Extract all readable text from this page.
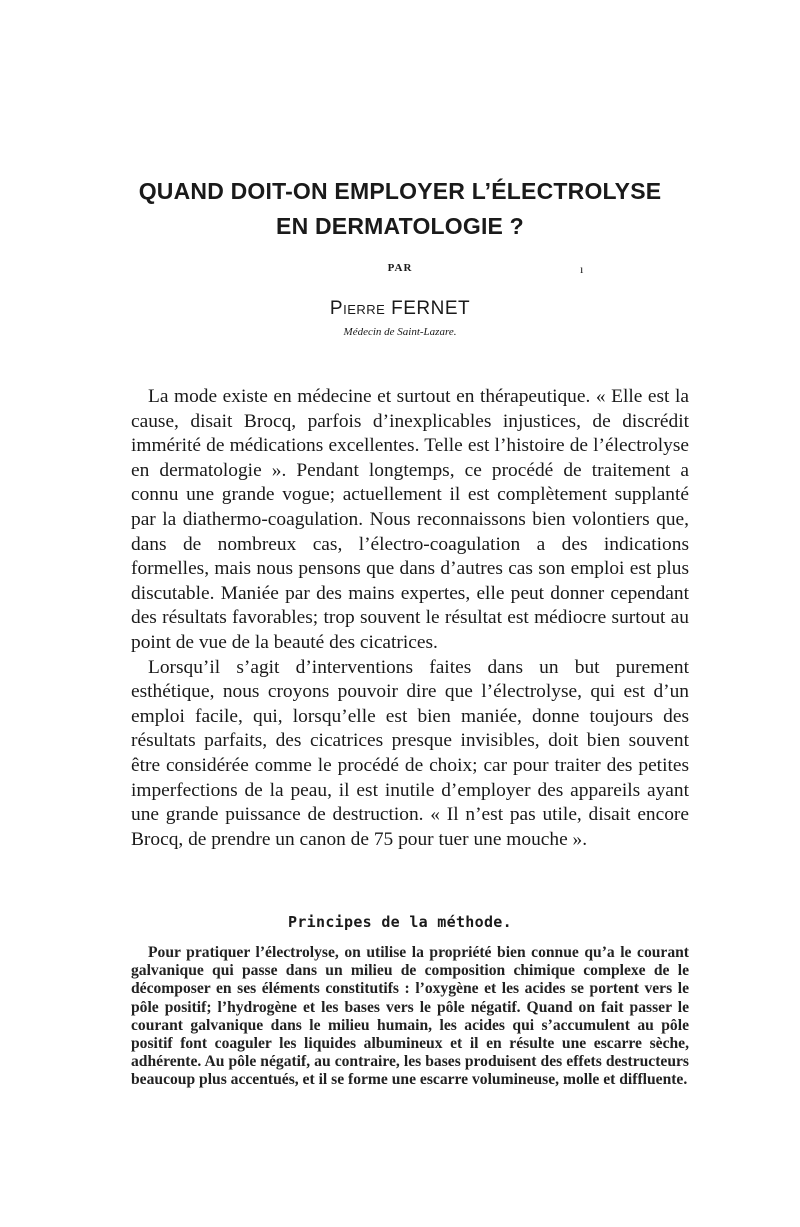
QUAND DOIT-ON EMPLOYER L’ÉLECTROLYSE
EN DERMATOLOGIE ?
PAR	ı
Pierre FERNET
Médecin de Saint-Lazare.

La mode existe en médecine et surtout en thérapeutique. « Elle est la cause, disait Brocq, parfois d’inexplicables injustices, de discrédit immérité de médications excellentes. Telle est l’histoire de l’électrolyse en dermatologie ». Pendant longtemps, ce procédé de traitement a connu une grande vogue; actuellement il est complètement supplanté par la diathermo-coagulation. Nous reconnaissons bien volontiers que, dans de nombreux cas, l’électro-coagulation a des indications formelles, mais nous pensons que dans d’autres cas son emploi est plus discutable. Maniée par des mains expertes, elle peut donner cependant des résultats favorables; trop souvent le résultat est médiocre surtout au point de vue de la beauté des cicatrices.

Lorsqu’il s’agit d’interventions faites dans un but purement esthétique, nous croyons pouvoir dire que l’électrolyse, qui est d’un emploi facile, qui, lorsqu’elle est bien maniée, donne toujours des résultats parfaits, des cicatrices presque invisibles, doit bien souvent être considérée comme le procédé de choix; car pour traiter des petites imperfections de la peau, il est inutile d’employer des appareils ayant une grande puissance de destruction. « Il n’est pas utile, disait encore Brocq, de prendre un canon de 75 pour tuer une mouche ».

Principes de la méthode.

Pour pratiquer l’électrolyse, on utilise la propriété bien connue qu’a le courant galvanique qui passe dans un milieu de composition chimique complexe de le décomposer en ses éléments constitutifs : l’oxygène et les acides se portent vers le pôle positif; l’hydrogène et les bases vers le pôle négatif. Quand on fait passer le courant galvanique dans le milieu humain, les acides qui s’accumulent au pôle positif font coaguler les liquides albumineux et il en résulte une escarre sèche, adhérente. Au pôle négatif, au contraire, les bases produisent des effets destructeurs beaucoup plus accentués, et il se forme une escarre volumineuse, molle et diffluente.
